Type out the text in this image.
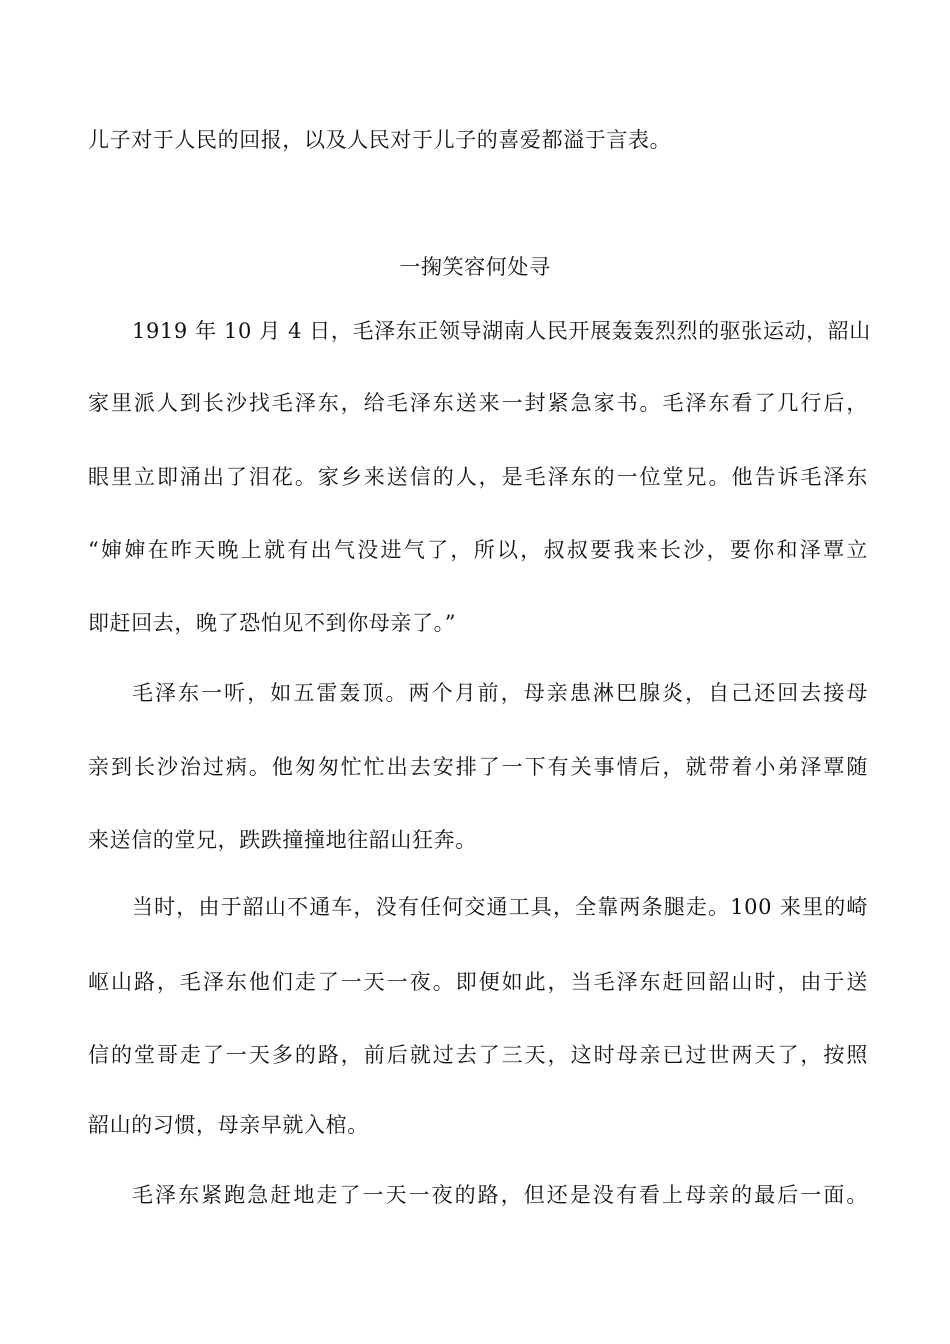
儿子对于人民的回报，以及人民对于儿子的喜爱都溢于言表。
一掬笑容何处寻
1919 年 10 月 4 日，毛泽东正领导湖南人民开展轰轰烈烈的驱张运动，韶山
家里派人到长沙找毛泽东，给毛泽东送来一封紧急家书。毛泽东看了几行后，
眼里立即涌出了泪花。家乡来送信的人，是毛泽东的一位堂兄。他告诉毛泽东
“婶婶在昨天晚上就有出气没进气了，所以，叔叔要我来长沙，要你和泽覃立
即赶回去，晚了恐怕见不到你母亲了。”
毛泽东一听，如五雷轰顶。两个月前，母亲患淋巴腺炎，自己还回去接母
亲到长沙治过病。他匆匆忙忙出去安排了一下有关事情后，就带着小弟泽覃随
来送信的堂兄，跌跌撞撞地往韶山狂奔。
当时，由于韶山不通车，没有任何交通工具，全靠两条腿走。100 来里的崎
岖山路，毛泽东他们走了一天一夜。即便如此，当毛泽东赶回韶山时，由于送
信的堂哥走了一天多的路，前后就过去了三天，这时母亲已过世两天了，按照
韶山的习惯，母亲早就入棺。
毛泽东紧跑急赶地走了一天一夜的路，但还是没有看上母亲的最后一面。
